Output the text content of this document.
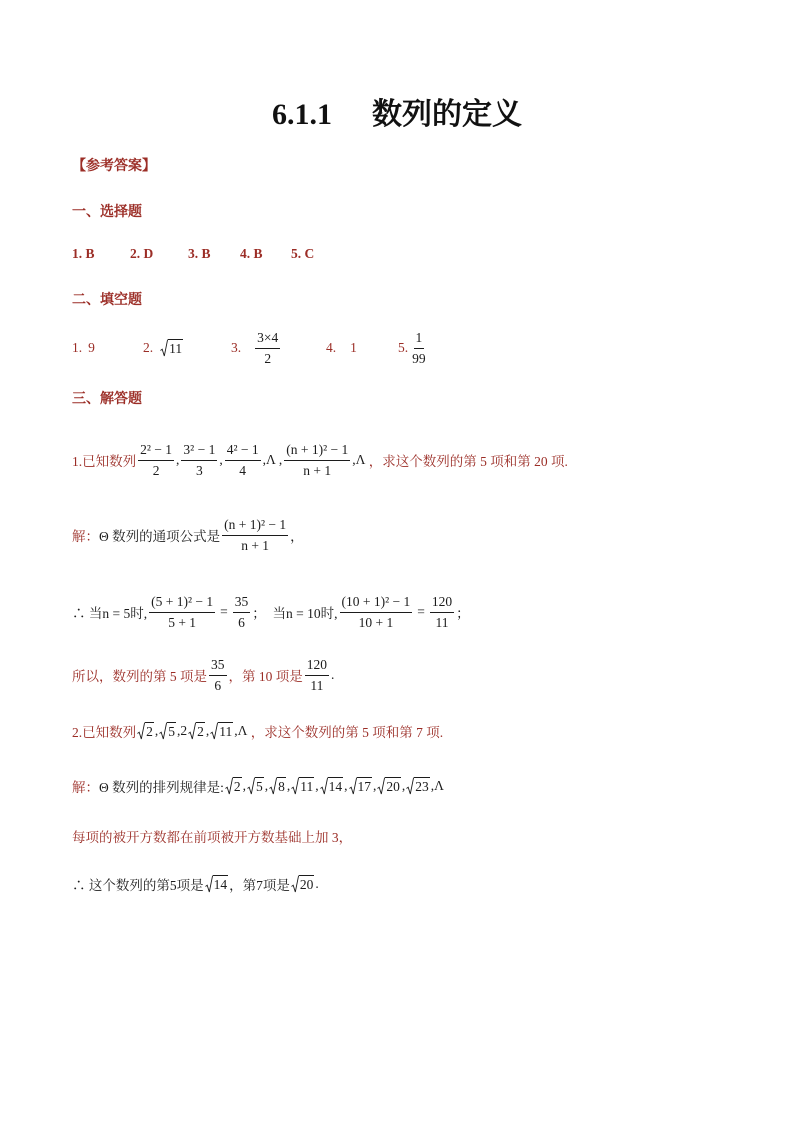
6.1.1 数列的定义
【参考答案】
一、选择题
1. B	2. D	3. B	4. B	5. C
二、填空题
1. 9	2. 11	3. $\frac{3\times 4}{2}$	4. 1	5. $\frac{1}{99}$
三、解答题
1.已知数列 $\frac{\text{2² − 1}}{2}$ , $\frac{\text{3² − 1}}{3}$ , $\frac{\text{4² − 1}}{4} ,\Lambda$ , $\frac{\text{(n + 1)² − 1}}{n + 1} ,\Lambda$ ，求这个数列的第 5 项和第 20 项.
解： Θ 数列的通项公式是 $\frac{\text{(n + 1)² − 1}}{n + 1}$ ，
∴ 当n = 5时, $\frac{\text{(5 + 1)² − 1}}{5 + 1} = \frac{35}{6}$ ；  当n = 10时, $\frac{\text{(10 + 1)² − 1}}{10 + 1} = \frac{120}{11}$ ；
所以，数列的第 5 项是 $\frac{35}{6}$ ，第 10 项是 $\frac{120}{11}$ .
2.已知数列 2 , 5 ,2 2 , 11 ,Λ ，求这个数列的第 5 项和第 7 项.
解： Θ 数列的排列规律是: 2 , 5 , 8 , 11 , 14 , 17 , 20 , 23 ,Λ
每项的被开方数都在前项被开方数基础上加 3，
∴ 这个数列的第5项是 14 ，第7项是 20 .
